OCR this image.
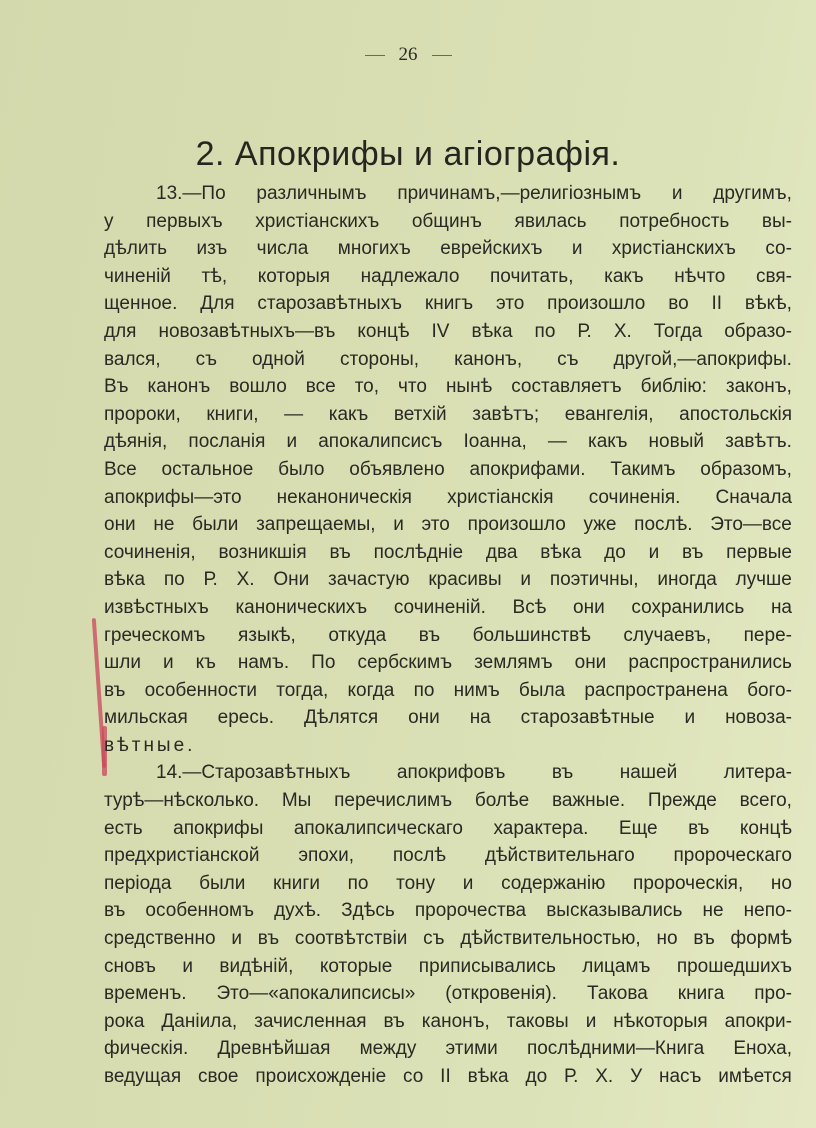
26
2. Апокрифы и агіографія.
13.—По различнымъ причинамъ,—религіознымъ и другимъ,
у первыхъ христіанскихъ общинъ явилась потребность вы-
дѣлить изъ числа многихъ еврейскихъ и христіанскихъ со-
чиненій тѣ, которыя надлежало почитать, какъ нѣчто свя-
щенное. Для старозавѣтныхъ книгъ это произошло во II вѣкѣ,
для новозавѣтныхъ—въ концѣ IV вѣка по Р. Х. Тогда образо-
вался, съ одной стороны, канонъ, съ другой,—апокрифы.
Въ канонъ вошло все то, что нынѣ составляетъ библію: законъ,
пророки, книги, — какъ ветхій завѣтъ; евангелія, апостольскія
дѣянія, посланія и апокалипсисъ Іоанна, — какъ новый завѣтъ.
Все остальное было объявлено апокрифами. Такимъ образомъ,
апокрифы—это неканоническія христіанскія сочиненія. Сначала
они не были запрещаемы, и это произошло уже послѣ. Это—все
сочиненія, возникшія въ послѣдніе два вѣка до и въ первые
вѣка по Р. Х. Они зачастую красивы и поэтичны, иногда лучше
извѣстныхъ каноническихъ сочиненій. Всѣ они сохранились на
греческомъ языкѣ, откуда въ большинствѣ случаевъ, пере-
шли и къ намъ. По сербскимъ землямъ они распространились
въ особенности тогда, когда по нимъ была распространена бого-
мильская ересь. Дѣлятся они на старозавѣтные и новоза-
вѣтные.
14.—Старозавѣтныхъ апокрифовъ въ нашей литера-
турѣ—нѣсколько. Мы перечислимъ болѣе важные. Прежде всего,
есть апокрифы апокалипсическаго характера. Еще въ концѣ
предхристіанской эпохи, послѣ дѣйствительнаго пророческаго
періода были книги по тону и содержанію пророческія, но
въ особенномъ духѣ. Здѣсь пророчества высказывались не непо-
средственно и въ соотвѣтствіи съ дѣйствительностью, но въ формѣ
сновъ и видѣній, которые приписывались лицамъ прошедшихъ
временъ. Это—«апокалипсисы» (откровенія). Такова книга про-
рока Даніила, зачисленная въ канонъ, таковы и нѣкоторыя апокри-
фическія. Древнѣйшая между этими послѣдними—Книга Еноха,
ведущая свое происхожденіе со II вѣка до Р. Х. У насъ имѣется
